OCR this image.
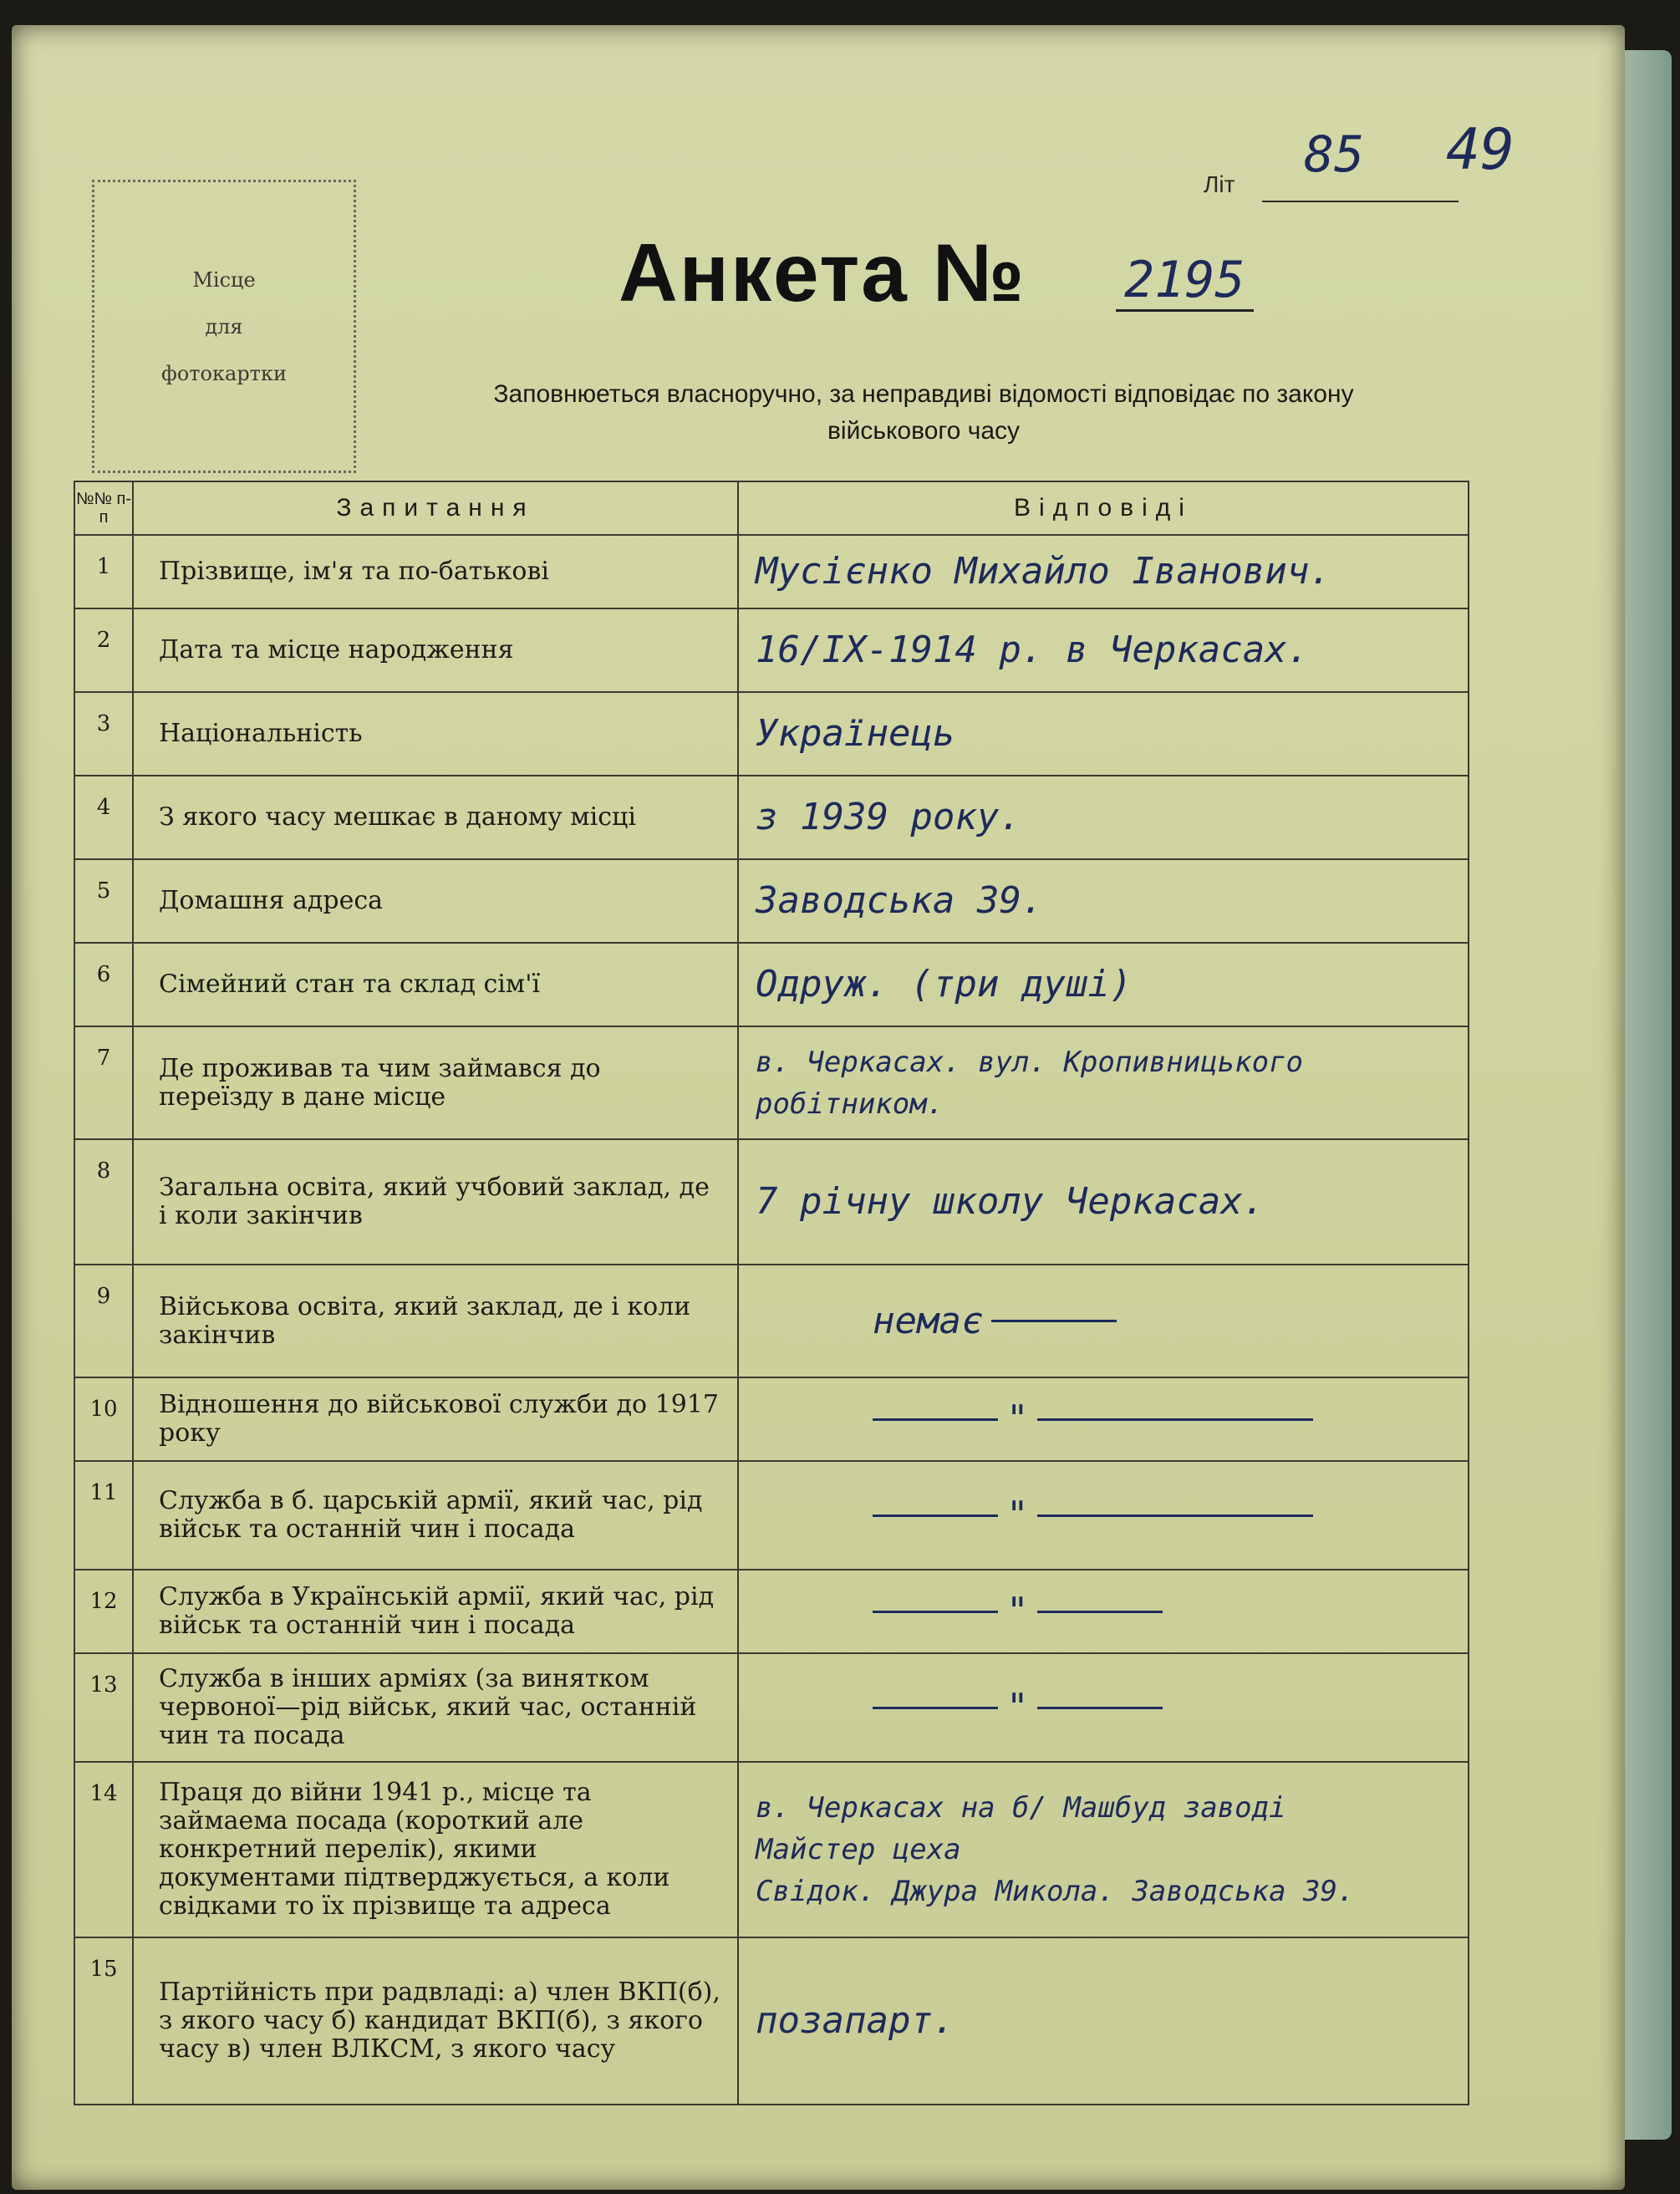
Місце
для
фотокартки
Літ
85 49
Анкета № 2195
Заповнюеться власноручно, за неправдиві відомості відповідає по закону
військового часу
№№ п-п	Запитання	Відповіді
1	Прізвище, ім'я та по-батькові	Мусієнко Михайло Іванович.
2	Дата та місце народження	16/IX-1914 р. в Черкасах.
3	Національність	Українець
4	З якого часу мешкає в даному місці	з 1939 року.
5	Домашня адреса	Заводська 39.
6	Сімейний стан та склад сім'ї	Одруж. (три душі)
7	Де проживав та чим займався до переїзду в дане місце	в. Черкасах. вул. Кропивницького робітником.
8	Загальна освіта, який учбовий заклад, де і коли закінчив	7 річну школу Черкасах.
9	Військова освіта, який заклад, де і коли закінчив	немає

10	Відношення до військової служби до 1917 року	"

11	Служба в б. царській армії, який час, рід військ та останній чин і посада	"

12	Служба в Українській армії, який час, рід військ та останній чин і посада	"

13	Служба в інших арміях (за винятком червоної—рід військ, який час, останній чин та посада	"

14	Праця до війни 1941 р., місце та займаема посада (короткий але конкретний перелік), якими документами підтверджується, а коли свідками то їх прізвище та адреса	в. Черкасах на б/ Машбуд заводі
Майстер цеха
Свідок. Джура Микола. Заводська 39.

15	Партійність при радвладі: а) член ВКП(б), з якого часу б) кандидат ВКП(б), з якого часу в) член ВЛКСМ, з якого часу	позапарт.
